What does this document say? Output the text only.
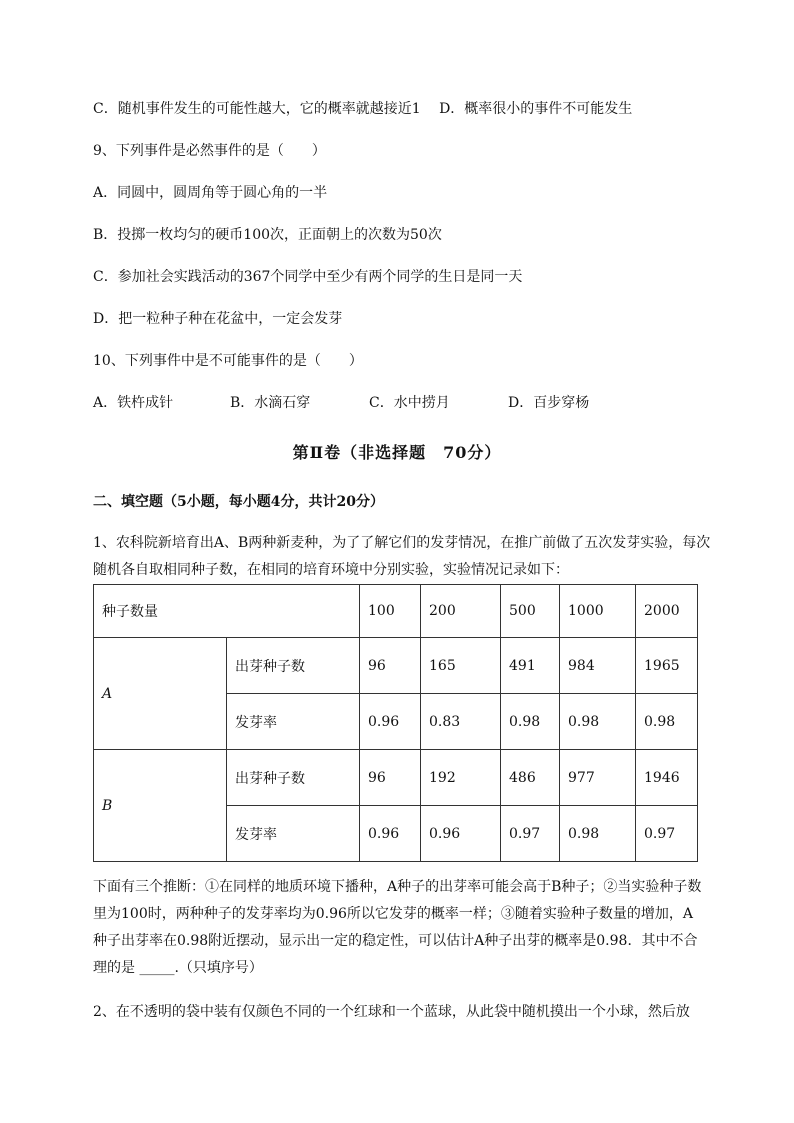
C．随机事件发生的可能性越大，它的概率就越接近1　 D．概率很小的事件不可能发生
9、下列事件是必然事件的是（　　）
A．同圆中，圆周角等于圆心角的一半
B．投掷一枚均匀的硬币100次，正面朝上的次数为50次
C．参加社会实践活动的367个同学中至少有两个同学的生日是同一天
D．把一粒种子种在花盆中，一定会发芽
10、下列事件中是不可能事件的是（　　）
A．铁杵成针	B．水滴石穿	C．水中捞月	D．百步穿杨
第Ⅱ卷（非选择题　70分）
二、填空题（5小题，每小题4分，共计20分）
1、农科院新培育出A、B两种新麦种，为了了解它们的发芽情况，在推广前做了五次发芽实验，每次
随机各自取相同种子数，在相同的培育环境中分别实验，实验情况记录如下：
种子数量		100	200	500	1000	2000
A	出芽种子数	96	165	491	984	1965
	发芽率	0.96	0.83	0.98	0.98	0.98
B	出芽种子数	96	192	486	977	1946
	发芽率	0.96	0.96	0.97	0.98	0.97
下面有三个推断：①在同样的地质环境下播种，A种子的出芽率可能会高于B种子；②当实验种子数
里为100时，两种种子的发芽率均为0.96所以它发芽的概率一样；③随着实验种子数量的增加，A
种子出芽率在0.98附近摆动，显示出一定的稳定性，可以估计A种子出芽的概率是0.98．其中不合
理的是 _____.（只填序号）
2、在不透明的袋中装有仅颜色不同的一个红球和一个蓝球，从此袋中随机摸出一个小球，然后放
